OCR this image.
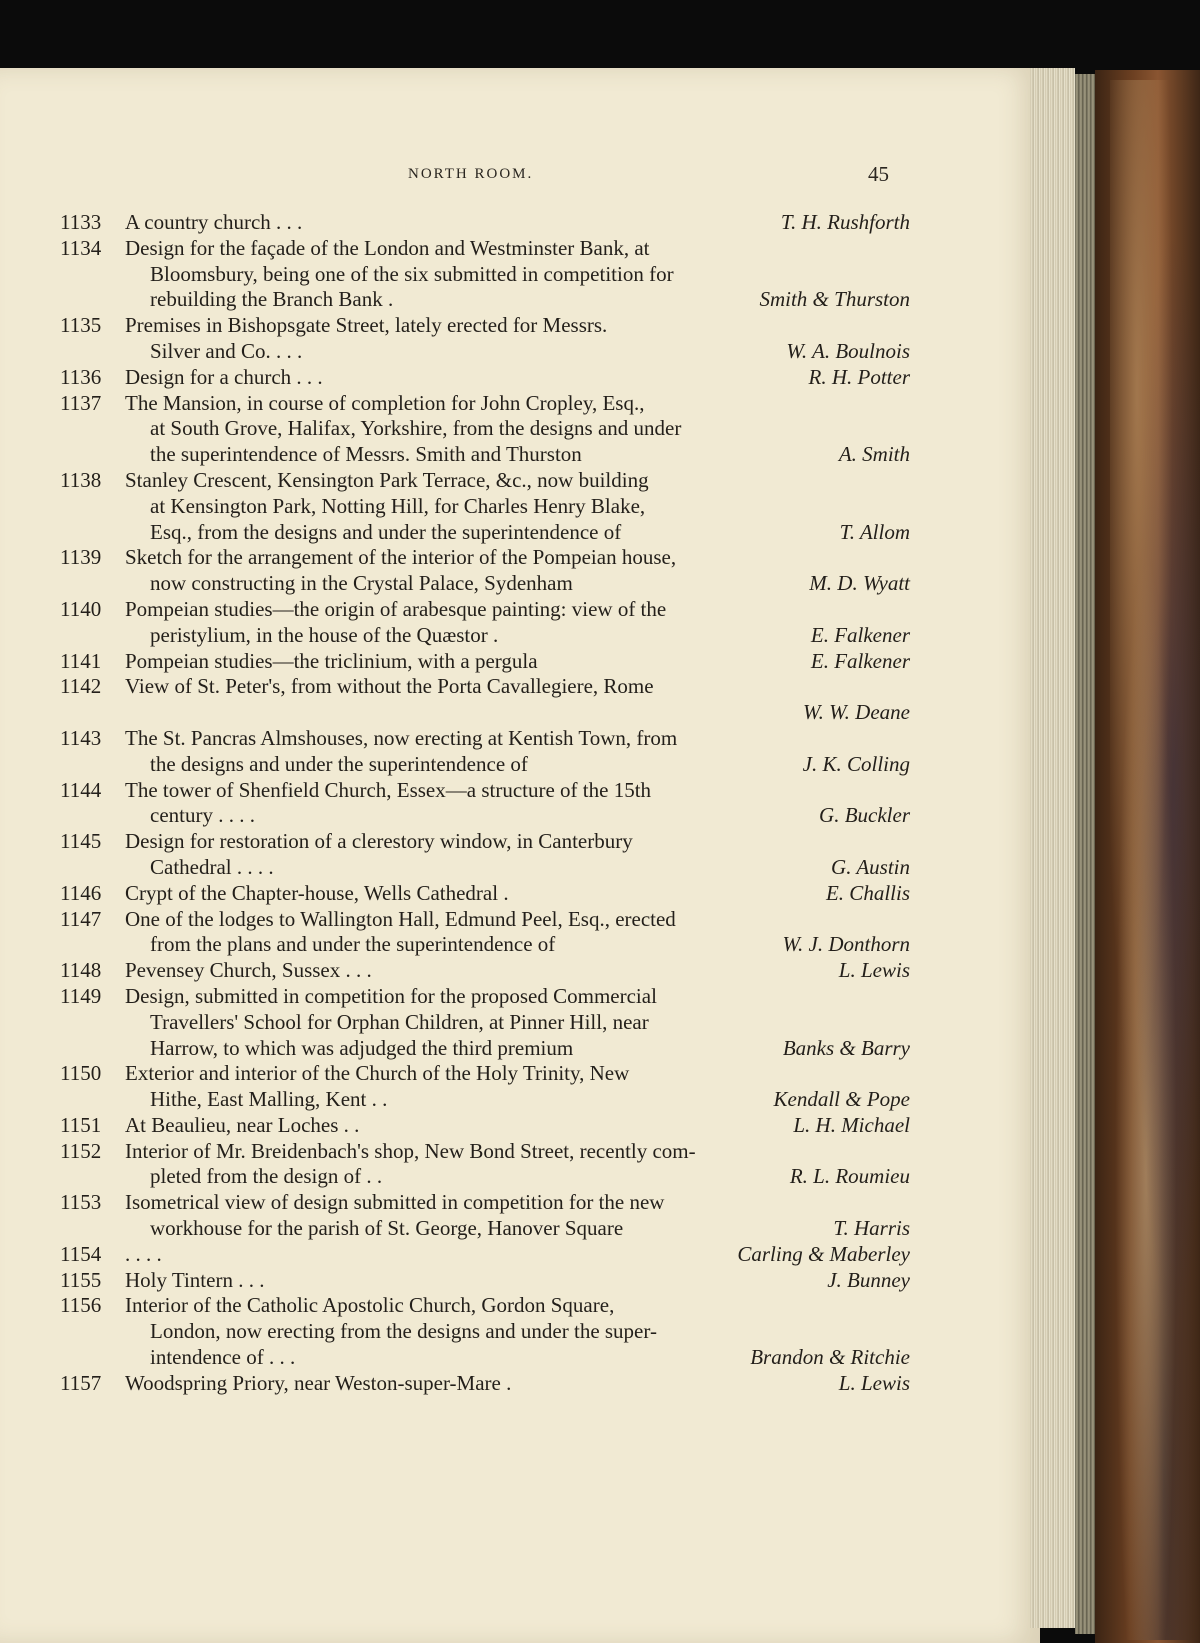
NORTH ROOM.	45
1133 A country church . . .	T. H. Rushforth
1134 Design for the façade of the London and Westminster Bank, at
Bloomsbury, being one of the six submitted in competition for
rebuilding the Branch Bank .	Smith & Thurston
1135 Premises in Bishopsgate Street, lately erected for Messrs.
Silver and Co. . . .	W. A. Boulnois
1136 Design for a church . . .	R. H. Potter
1137 The Mansion, in course of completion for John Cropley, Esq.,
at South Grove, Halifax, Yorkshire, from the designs and under
the superintendence of Messrs. Smith and Thurston	A. Smith
1138 Stanley Crescent, Kensington Park Terrace, &c., now building
at Kensington Park, Notting Hill, for Charles Henry Blake,
Esq., from the designs and under the superintendence of	T. Allom
1139 Sketch for the arrangement of the interior of the Pompeian house,
now constructing in the Crystal Palace, Sydenham	M. D. Wyatt
1140 Pompeian studies—the origin of arabesque painting: view of the
peristylium, in the house of the Quæstor .	E. Falkener
1141 Pompeian studies—the triclinium, with a pergula	E. Falkener
1142 View of St. Peter's, from without the Porta Cavallegiere, Rome
W. W. Deane
1143 The St. Pancras Almshouses, now erecting at Kentish Town, from
the designs and under the superintendence of	J. K. Colling
1144 The tower of Shenfield Church, Essex—a structure of the 15th
century . . . .	G. Buckler
1145 Design for restoration of a clerestory window, in Canterbury
Cathedral . . . .	G. Austin
1146 Crypt of the Chapter-house, Wells Cathedral .	E. Challis
1147 One of the lodges to Wallington Hall, Edmund Peel, Esq., erected
from the plans and under the superintendence of	W. J. Donthorn
1148 Pevensey Church, Sussex . . .	L. Lewis
1149 Design, submitted in competition for the proposed Commercial
Travellers' School for Orphan Children, at Pinner Hill, near
Harrow, to which was adjudged the third premium	Banks & Barry
1150 Exterior and interior of the Church of the Holy Trinity, New
Hithe, East Malling, Kent . .	Kendall & Pope
1151 At Beaulieu, near Loches . .	L. H. Michael
1152 Interior of Mr. Breidenbach's shop, New Bond Street, recently com-
pleted from the design of . .	R. L. Roumieu
1153 Isometrical view of design submitted in competition for the new
workhouse for the parish of St. George, Hanover Square	T. Harris
1154 . . . .	Carling & Maberley
1155 Holy Tintern . . .	J. Bunney
1156 Interior of the Catholic Apostolic Church, Gordon Square,
London, now erecting from the designs and under the super-
intendence of . . .	Brandon & Ritchie
1157 Woodspring Priory, near Weston-super-Mare .	L. Lewis
